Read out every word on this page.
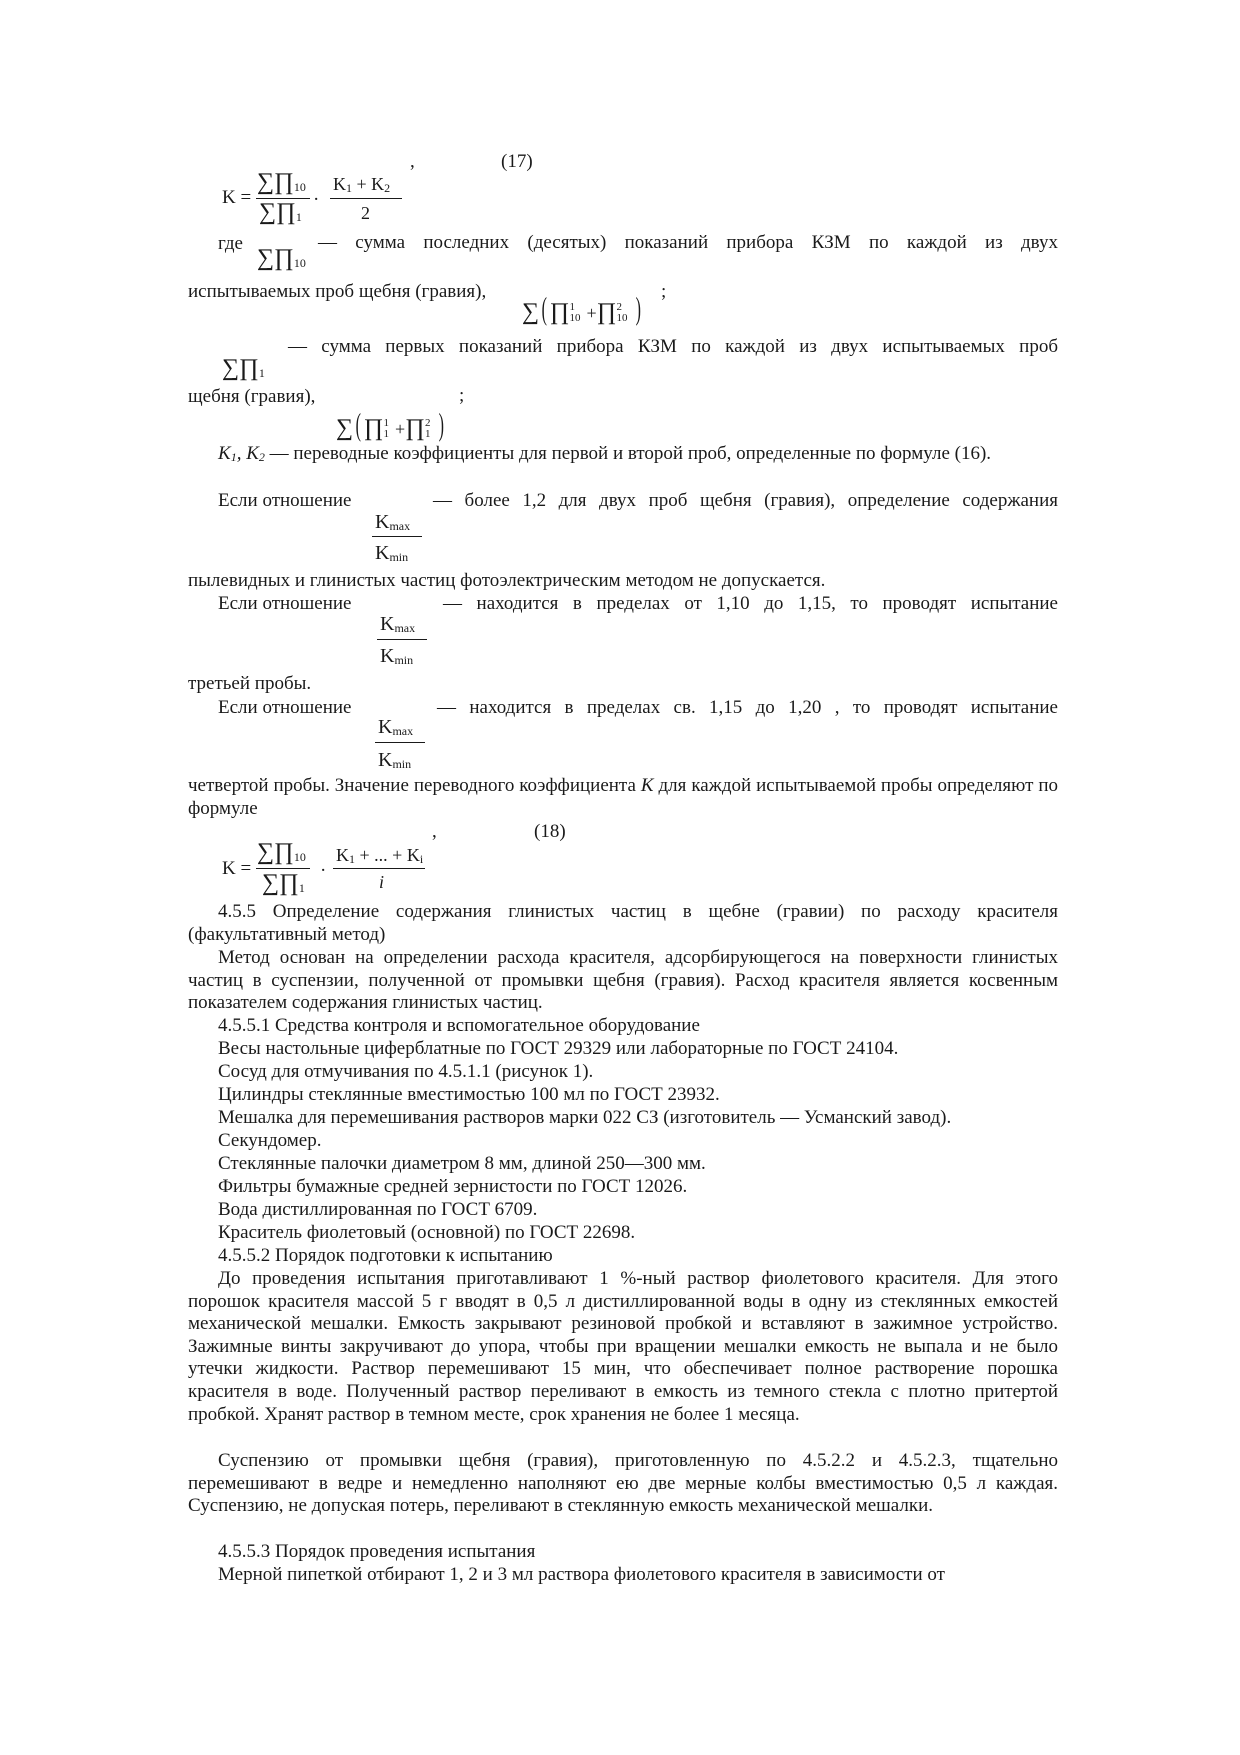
K =
∑∏10
∑∏1
·
K1 + K2
2
,	(17)
где
∑∏10
— сумма последних (десятых) показаний прибора КЗМ по каждой из двух
испытываемых проб щебня (гравия),	;
∑( ∏1
10 +∏2
10 )
∑∏1
— сумма первых показаний прибора КЗМ по каждой из двух испытываемых проб
щебня (гравия),	;
∑( ∏1
1 +∏2
1 )
K1, K2 — переводные коэффициенты для первой и второй проб, определенные по формуле (16).
Если отношение	— более 1,2 для двух проб щебня (гравия), определение содержания
Kmax
Kmin
пылевидных и глинистых частиц фотоэлектрическим методом не допускается.
Если отношение	— находится в пределах от 1,10 до 1,15, то проводят испытание
Kmax
Kmin
третьей пробы.
Если отношение	— находится в пределах св. 1,15 до 1,20 , то проводят испытание
Kmax
Kmin
четвертой пробы. Значение переводного коэффициента K для каждой испытываемой пробы определяют по формуле
K =
∑∏10
∑∏1
·
K1 + ... + Ki
i
,	(18)
4.5.5 Определение содержания глинистых частиц в щебне (гравии) по расходу красителя (факультативный метод)
Метод основан на определении расхода красителя, адсорбирующегося на поверхности глинистых частиц в суспензии, полученной от промывки щебня (гравия). Расход красителя является косвенным показателем содержания глинистых частиц.
4.5.5.1 Средства контроля и вспомогательное оборудование
Весы настольные циферблатные по ГОСТ 29329 или лабораторные по ГОСТ 24104.
Сосуд для отмучивания по 4.5.1.1 (рисунок 1).
Цилиндры стеклянные вместимостью 100 мл по ГОСТ 23932.
Мешалка для перемешивания растворов марки 022 СЗ (изготовитель — Усманский завод).
Секундомер.
Стеклянные палочки диаметром 8 мм, длиной 250—300 мм.
Фильтры бумажные средней зернистости по ГОСТ 12026.
Вода дистиллированная по ГОСТ 6709.
Краситель фиолетовый (основной) по ГОСТ 22698.
4.5.5.2 Порядок подготовки к испытанию
До проведения испытания приготавливают 1 %-ный раствор фиолетового красителя. Для этого порошок красителя массой 5 г вводят в 0,5 л дистиллированной воды в одну из стеклянных емкостей механической мешалки. Емкость закрывают резиновой пробкой и вставляют в зажимное устройство. Зажимные винты закручивают до упора, чтобы при вращении мешалки емкость не выпала и не было утечки жидкости. Раствор перемешивают 15 мин, что обеспечивает полное растворение порошка красителя в воде. Полученный раствор переливают в емкость из темного стекла с плотно притертой пробкой. Хранят раствор в темном месте, срок хранения не более 1 месяца.
Суспензию от промывки щебня (гравия), приготовленную по 4.5.2.2 и 4.5.2.3, тщательно перемешивают в ведре и немедленно наполняют ею две мерные колбы вместимостью 0,5 л каждая. Суспензию, не допуская потерь, переливают в стеклянную емкость механической мешалки.
4.5.5.3 Порядок проведения испытания
Мерной пипеткой отбирают 1, 2 и 3 мл раствора фиолетового красителя в зависимости от
